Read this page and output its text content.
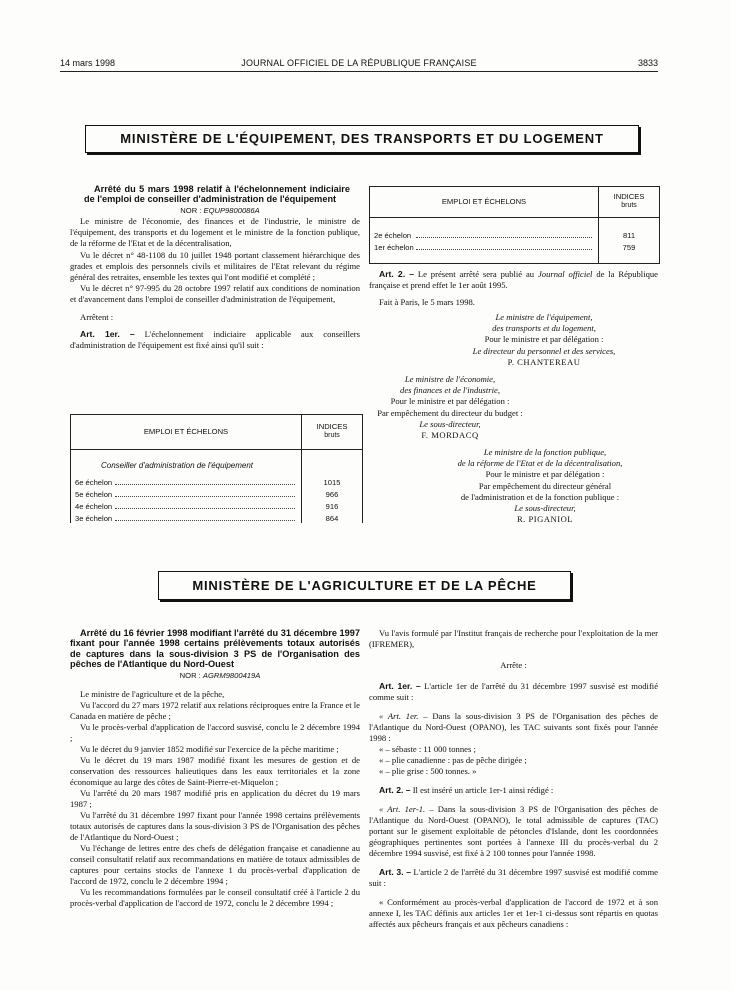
14 mars 1998	JOURNAL OFFICIEL DE LA RÉPUBLIQUE FRANÇAISE	3833
MINISTÈRE DE L'ÉQUIPEMENT, DES TRANSPORTS ET DU LOGEMENT

Arrêté du 5 mars 1998 relatif à l'échelonnement indiciaire de l'emploi de conseiller d'administration de l'équipement

NOR : EQUP9800086A

Le ministre de l'économie, des finances et de l'industrie, le ministre de l'équipement, des transports et du logement et le ministre de la fonction publique, de la réforme de l'Etat et de la décentralisation,

Vu le décret n° 48-1108 du 10 juillet 1948 portant classement hiérarchique des grades et emplois des personnels civils et militaires de l'Etat relevant du régime général des retraites, ensemble les textes qui l'ont modifié et complété ;

Vu le décret n° 97-995 du 28 octobre 1997 relatif aux conditions de nomination et d'avancement dans l'emploi de conseiller d'administration de l'équipement,

Arrêtent :

Art. 1er. – L'échelonnement indiciaire applicable aux conseillers d'administration de l'équipement est fixé ainsi qu'il suit :

EMPLOI ET ÉCHELONS
INDICES
bruts
Conseiller d'administration de l'équipement
6e échelon	1015
5e échelon	966
4e échelon	916
3e échelon	864
EMPLOI ET ÉCHELONS
INDICES
bruts
2e échelon	811
1er échelon	759

Art. 2. – Le présent arrêté sera publié au Journal officiel de la République française et prend effet le 1er août 1995.

Fait à Paris, le 5 mars 1998.

Le ministre de l'équipement,
des transports et du logement,
Pour le ministre et par délégation :
Le directeur du personnel et des services,
P. CHANTEREAU
Le ministre de l'économie,
des finances et de l'industrie,
Pour le ministre et par délégation :
Par empêchement du directeur du budget :
Le sous-directeur,
F. MORDACQ
Le ministre de la fonction publique,
de la réforme de l'Etat et de la décentralisation,
Pour le ministre et par délégation :
Par empêchement du directeur général
de l'administration et de la fonction publique :
Le sous-directeur,
R. PIGANIOL
MINISTÈRE DE L'AGRICULTURE ET DE LA PÊCHE

Arrêté du 16 février 1998 modifiant l'arrêté du 31 décembre 1997 fixant pour l'année 1998 certains prélèvements totaux autorisés de captures dans la sous-division 3 PS de l'Organisation des pêches de l'Atlantique du Nord-Ouest

NOR : AGRM9800419A

Le ministre de l'agriculture et de la pêche,

Vu l'accord du 27 mars 1972 relatif aux relations réciproques entre la France et le Canada en matière de pêche ;

Vu le procès-verbal d'application de l'accord susvisé, conclu le 2 décembre 1994 ;

Vu le décret du 9 janvier 1852 modifié sur l'exercice de la pêche maritime ;

Vu le décret du 19 mars 1987 modifié fixant les mesures de gestion et de conservation des ressources halieutiques dans les eaux territoriales et la zone économique au large des côtes de Saint-Pierre-et-Miquelon ;

Vu l'arrêté du 20 mars 1987 modifié pris en application du décret du 19 mars 1987 ;

Vu l'arrêté du 31 décembre 1997 fixant pour l'année 1998 certains prélèvements totaux autorisés de captures dans la sous-division 3 PS de l'Organisation des pêches de l'Atlantique du Nord-Ouest ;

Vu l'échange de lettres entre des chefs de délégation française et canadienne au conseil consultatif relatif aux recommandations en matière de totaux admissibles de captures pour certains stocks de l'annexe 1 du procès-verbal d'application de l'accord de 1972, conclu le 2 décembre 1994 ;

Vu les recommandations formulées par le conseil consultatif créé à l'article 2 du procès-verbal d'application de l'accord de 1972, conclu le 2 décembre 1994 ;

Vu l'avis formulé par l'Institut français de recherche pour l'exploitation de la mer (IFREMER),

Arrête :

Art. 1er. – L'article 1er de l'arrêté du 31 décembre 1997 susvisé est modifié comme suit :

« Art. 1er. – Dans la sous-division 3 PS de l'Organisation des pêches de l'Atlantique du Nord-Ouest (OPANO), les TAC suivants sont fixés pour l'année 1998 :

« – sébaste : 11 000 tonnes ;

« – plie canadienne : pas de pêche dirigée ;

« – plie grise : 500 tonnes. »

Art. 2. – Il est inséré un article 1er-1 ainsi rédigé :

« Art. 1er-1. – Dans la sous-division 3 PS de l'Organisation des pêches de l'Atlantique du Nord-Ouest (OPANO), le total admissible de captures (TAC) portant sur le gisement exploitable de pétoncles d'Islande, dont les coordonnées géographiques pertinentes sont portées à l'annexe III du procès-verbal du 2 décembre 1994 susvisé, est fixé à 2 100 tonnes pour l'année 1998.

Art. 3. – L'article 2 de l'arrêté du 31 décembre 1997 susvisé est modifié comme suit :

« Conformément au procès-verbal d'application de l'accord de 1972 et à son annexe I, les TAC définis aux articles 1er et 1er-1 ci-dessus sont répartis en quotas affectés aux pêcheurs français et aux pêcheurs canadiens :
